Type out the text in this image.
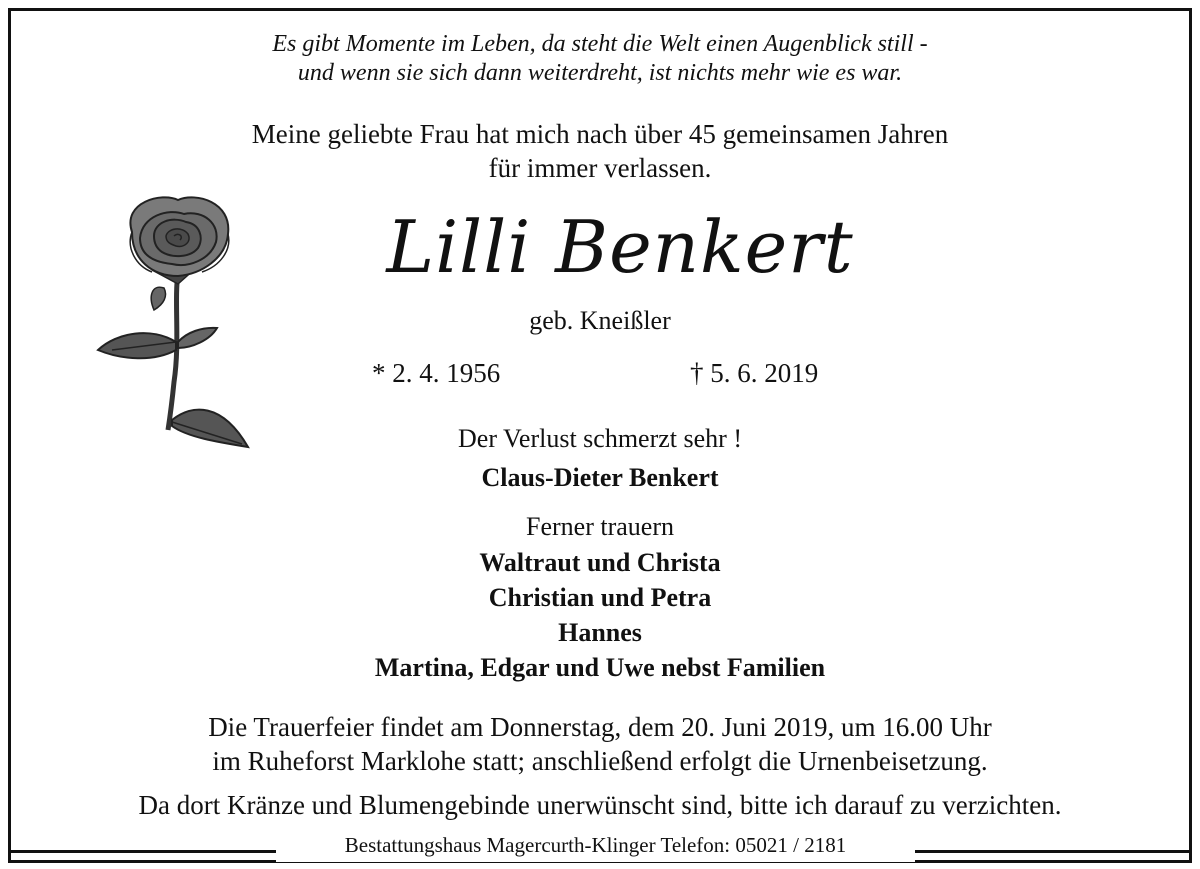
Es gibt Momente im Leben, da steht die Welt einen Augenblick still -
und wenn sie sich dann weiterdreht, ist nichts mehr wie es war.
Meine geliebte Frau hat mich nach über 45 gemeinsamen Jahren
für immer verlassen.
Lilli Benkert
geb. Kneißler
* 2. 4. 1956	† 5. 6. 2019
Der Verlust schmerzt sehr !
Claus-Dieter Benkert
Ferner trauern
Waltraut und Christa
Christian und Petra
Hannes
Martina, Edgar und Uwe nebst Familien
Die Trauerfeier findet am Donnerstag, dem 20. Juni 2019, um 16.00 Uhr
im Ruheforst Marklohe statt; anschließend erfolgt die Urnenbeisetzung.
Da dort Kränze und Blumengebinde unerwünscht sind, bitte ich darauf zu verzichten.
Bestattungshaus Magercurth-Klinger Telefon: 05021 / 2181
